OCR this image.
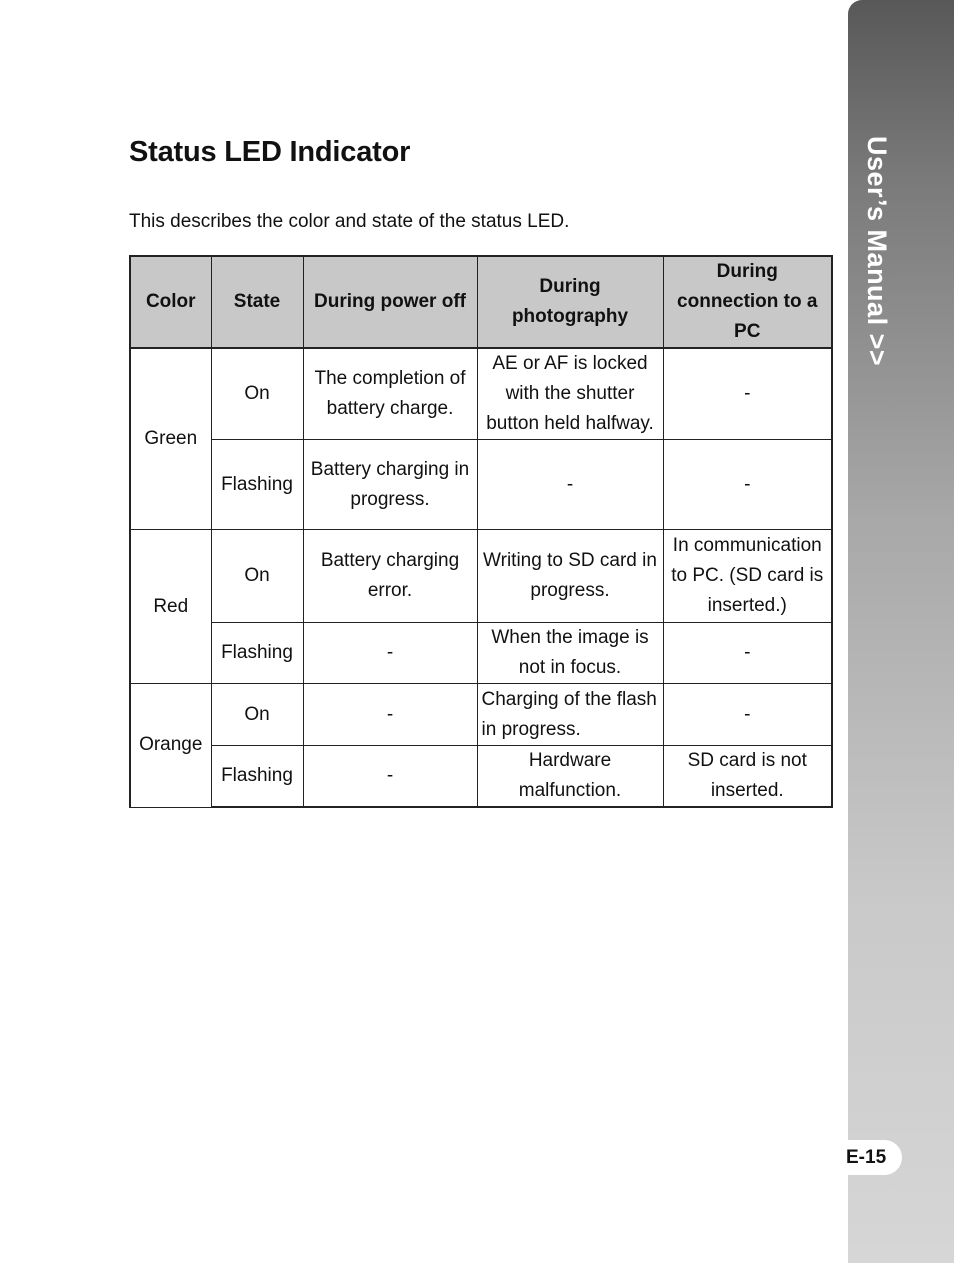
User’s Manual >>
E-15
Status LED Indicator

This describes the color and state of the status LED.

Color	State	During power off	During photography	During connection to a PC
Green	On	The completion of battery charge.	AE or AF is locked with the shutter button held halfway.	-
	Flashing	Battery charging in progress.	-	-
Red	On	Battery charging error.	Writing to SD card in progress.	In communication to PC. (SD card is inserted.)
	Flashing	-	When the image is not in focus.	-
Orange	On	-	Charging of the flash in progress.	-
	Flashing	-	Hardware malfunction.	SD card is not inserted.
